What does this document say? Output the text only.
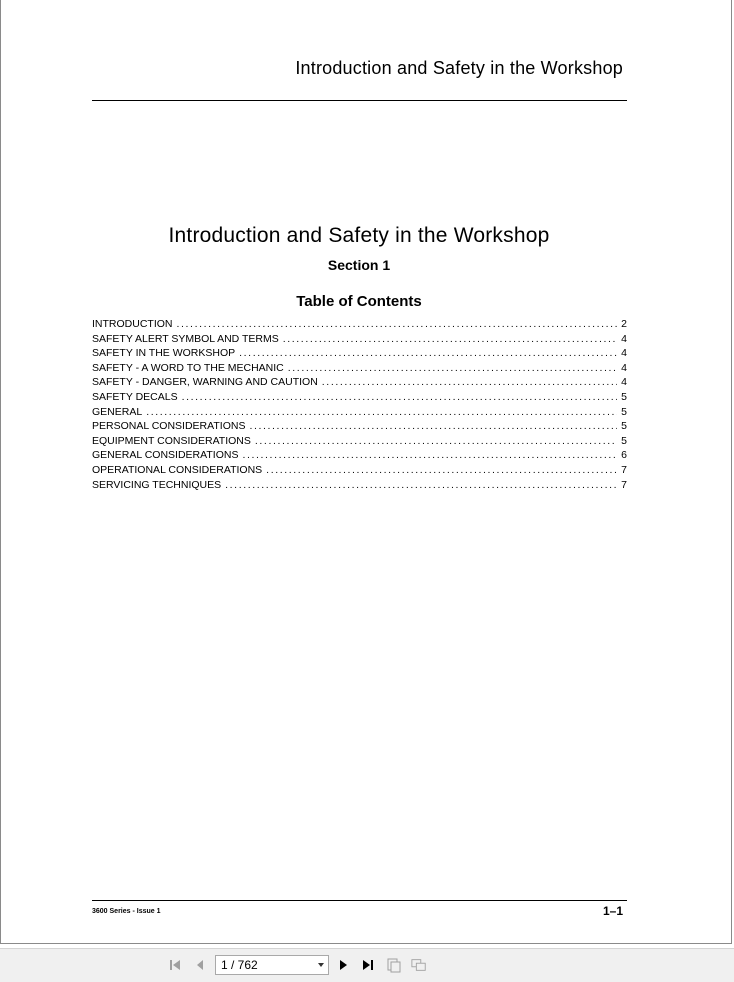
Introduction and Safety in the Workshop
Introduction and Safety in the Workshop
Section 1
Table of Contents
INTRODUCTION .....	2
SAFETY ALERT SYMBOL AND TERMS .....	4
SAFETY IN THE WORKSHOP .....	4
SAFETY - A WORD TO THE MECHANIC .....	4
SAFETY - DANGER, WARNING AND CAUTION .....	4
SAFETY DECALS .....	5
GENERAL .....	5
PERSONAL CONSIDERATIONS .....	5
EQUIPMENT CONSIDERATIONS .....	5
GENERAL CONSIDERATIONS .....	6
OPERATIONAL CONSIDERATIONS .....	7
SERVICING TECHNIQUES .....	7
3600 Series - Issue 1	1–1
1 / 762
